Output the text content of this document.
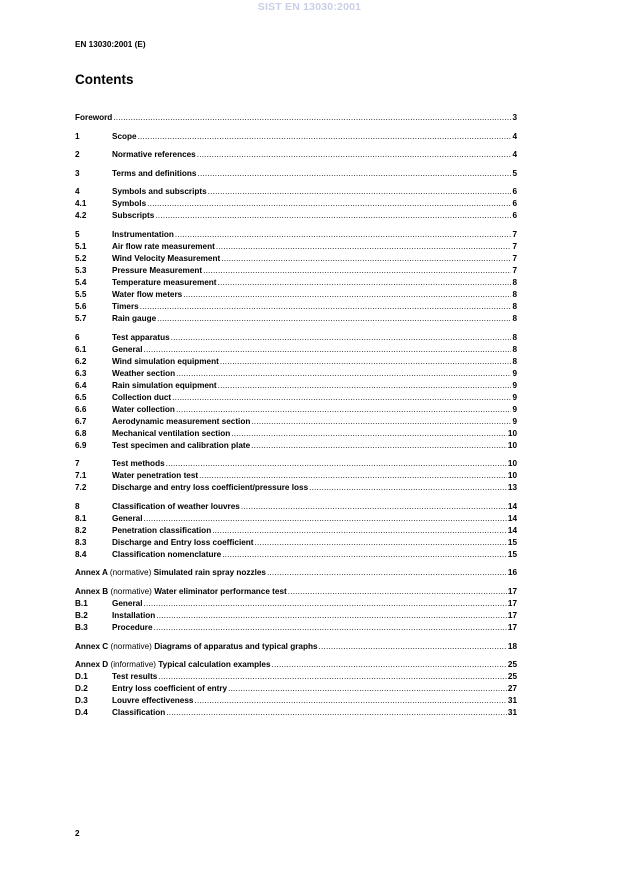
SIST EN 13030:2001
EN 13030:2001 (E)
Contents
Foreword .....	3
1	Scope .....	4
2	Normative references .....	4
3	Terms and definitions .....	5
4	Symbols and subscripts .....	6
4.1	Symbols .....	6
4.2	Subscripts .....	6
5	Instrumentation .....	7
5.1	Air flow rate measurement .....	7
5.2	Wind Velocity Measurement .....	7
5.3	Pressure Measurement .....	7
5.4	Temperature measurement .....	8
5.5	Water flow meters .....	8
5.6	Timers .....	8
5.7	Rain gauge .....	8
6	Test apparatus .....	8
6.1	General .....	8
6.2	Wind simulation equipment .....	8
6.3	Weather section .....	9
6.4	Rain simulation equipment .....	9
6.5	Collection duct .....	9
6.6	Water collection .....	9
6.7	Aerodynamic measurement section .....	9
6.8	Mechanical ventilation section .....	10
6.9	Test specimen and calibration plate .....	10
7	Test methods .....	10
7.1	Water penetration test .....	10
7.2	Discharge and entry loss coefficient/pressure loss .....	13
8	Classification of weather louvres .....	14
8.1	General .....	14
8.2	Penetration classification .....	14
8.3	Discharge and Entry loss coefficient .....	15
8.4	Classification nomenclature .....	15
Annex A (normative) Simulated rain spray nozzles .....	16
Annex B (normative) Water eliminator performance test .....	17
B.1	General .....	17
B.2	Installation .....	17
B.3	Procedure .....	17
Annex C (normative) Diagrams of apparatus and typical graphs .....	18
Annex D (informative) Typical calculation examples .....	25
D.1	Test results .....	25
D.2	Entry loss coefficient of entry .....	27
D.3	Louvre effectiveness .....	31
D.4	Classification .....	31
2
